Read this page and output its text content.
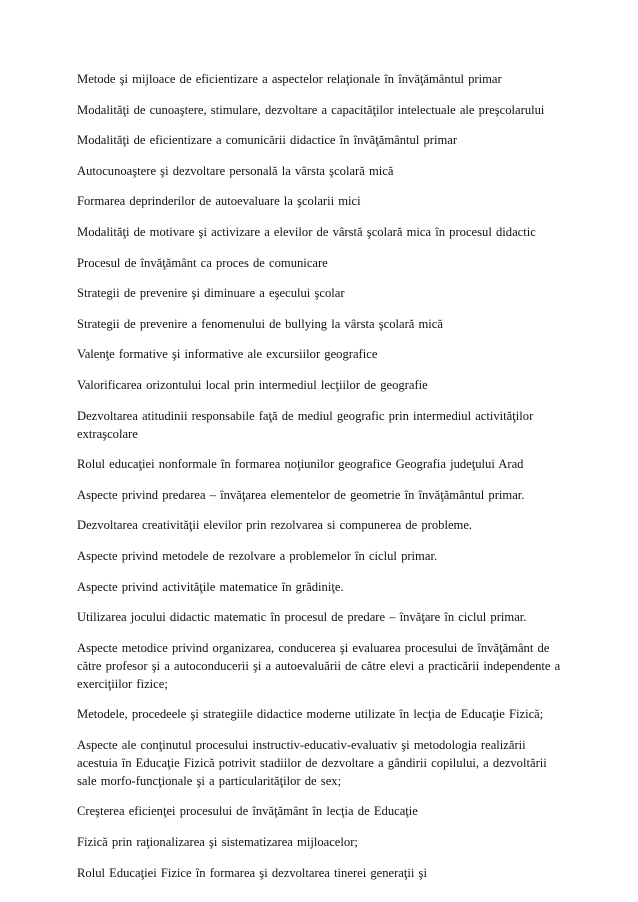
Metode şi mijloace de eficientizare a aspectelor relaţionale în învăţământul primar

Modalităţi de cunoaştere, stimulare, dezvoltare a capacităţilor intelectuale ale preşcolarului

Modalităţi de eficientizare a comunicării didactice în învăţământul primar

Autocunoaştere şi dezvoltare personală la vârsta şcolară mică

Formarea deprinderilor de autoevaluare la şcolarii mici

Modalităţi de motivare şi activizare a elevilor de vârstă şcolară mica în procesul didactic

Procesul de învăţământ ca proces de comunicare

Strategii de prevenire şi diminuare a eşecului şcolar

Strategii de prevenire a fenomenului de bullying la vârsta şcolară mică

Valenţe formative şi informative ale excursiilor geografice

Valorificarea orizontului local prin intermediul lecţiilor de geografie

Dezvoltarea atitudinii responsabile faţă de mediul geografic prin intermediul activităţilor extraşcolare

Rolul educaţiei nonformale în formarea noţiunilor geografice Geografia judeţului Arad

Aspecte privind predarea – învăţarea elementelor de geometrie în învăţământul primar.

Dezvoltarea creativităţii elevilor prin rezolvarea si compunerea de probleme.

Aspecte privind metodele de rezolvare a problemelor în ciclul primar.

Aspecte privind activităţile matematice în grădiniţe.

Utilizarea jocului didactic matematic în procesul de predare – învăţare în ciclul primar.

Aspecte metodice privind organizarea, conducerea şi evaluarea procesului de învăţământ de către profesor şi a autoconducerii şi a autoevaluării de către elevi a practicării independente a exerciţiilor fizice;

Metodele, procedeele şi strategiile didactice moderne utilizate în lecţia de Educaţie Fizică;

Aspecte ale conţinutul procesului instructiv-educativ-evaluativ şi metodologia realizării acestuia în Educaţie Fizică potrivit stadiilor de dezvoltare a gândirii copilului, a dezvoltării sale morfo-funcţionale şi a particularităţilor de sex;

Creşterea eficienţei procesului de învăţământ în lecţia de Educaţie

Fizică prin raţionalizarea şi sistematizarea mijloacelor;

Rolul Educaţiei Fizice în formarea şi dezvoltarea tinerei generaţii şi
